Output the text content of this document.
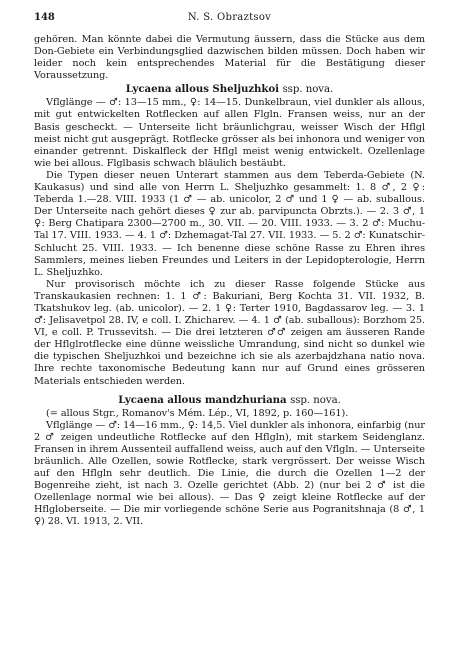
148	N. S. Obraztsov

gehören. Man könnte dabei die Vermutung äussern, dass die Stücke aus dem Don-Gebiete ein Verbindungsglied dazwischen bilden müssen. Doch haben wir leider noch kein entsprechendes Material für die Bestätigung dieser Voraussetzung.

Lycaena allous Sheljuzhkoi ssp. nova.

Vflglänge — ♂: 13—15 mm., ♀: 14—15. Dunkelbraun, viel dunkler als allous, mit gut entwickelten Rotflecken auf allen Flgln. Fransen weiss, nur an der Basis gescheckt. — Unterseite licht bräunlichgrau, weisser Wisch der Hflgl meist nicht gut ausgeprägt. Rotflecke grösser als bei inhonora und weniger von einander getrennt. Diskalfleck der Hflgl meist wenig entwickelt. Ozellenlage wie bei allous. Flglbasis schwach bläulich bestäubt.

Die Typen dieser neuen Unterart stammen aus dem Teberda-Gebiete (N. Kaukasus) und sind alle von Herrn L. Sheljuzhko gesammelt: 1. 8 ♂, 2 ♀: Teberda 1.—28. VIII. 1933 (1 ♂ — ab. unicolor, 2 ♂ und 1 ♀ — ab. suballous. Der Unterseite nach gehört dieses ♀ zur ab. parvipuncta Obrzts.). — 2. 3 ♂, 1 ♀: Berg Chatipara 2300—2700 m., 30. VII. — 20. VIII. 1933. — 3. 2 ♂: Muchu-Tal 17. VIII. 1933. — 4. 1 ♂: Dzhemagat-Tal 27. VII. 1933. — 5. 2 ♂: Kunatschir-Schlucht 25. VIII. 1933. — Ich benenne diese schöne Rasse zu Ehren ihres Sammlers, meines lieben Freundes und Leiters in der Lepidopterologie, Herrn L. Sheljuzhko.

Nur provisorisch möchte ich zu dieser Rasse folgende Stücke aus Transkaukasien rechnen: 1. 1 ♂: Bakuriani, Berg Kochta 31. VII. 1932, B. Tkatshukov leg. (ab. unicolor). — 2. 1 ♀: Terter 1910, Bagdassarov leg. — 3. 1 ♂: Jelisavetpol 28. IV, e coll. I. Zhicharev. — 4. 1 ♂ (ab. suballous): Borzhom 25. VI, e coll. P. Trussevitsh. — Die drei letzteren ♂♂ zeigen am äusseren Rande der Hflglrotflecke eine dünne weissliche Umrandung, sind nicht so dunkel wie die typischen Sheljuzhkoi und bezeichne ich sie als azerbajdzhana natio nova. Ihre rechte taxonomische Bedeutung kann nur auf Grund eines grösseren Materials entschieden werden.

Lycaena allous mandzhuriana ssp. nova.

(= allous Stgr., Romanov's Mém. Lép., VI, 1892, p. 160—161).

Vflglänge — ♂: 14—16 mm., ♀: 14,5. Viel dunkler als inhonora, einfarbig (nur 2 ♂ zeigen undeutliche Rotflecke auf den Hflgln), mit starkem Seidenglanz. Fransen in ihrem Aussenteil auffallend weiss, auch auf den Vflgln. — Unterseite bräunlich. Alle Ozellen, sowie Rotflecke, stark vergrössert. Der weisse Wisch auf den Hflgln sehr deutlich. Die Linie, die durch die Ozellen 1—2 der Bogenreihe zieht, ist nach 3. Ozelle gerichtet (Abb. 2) (nur bei 2 ♂ ist die Ozellenlage normal wie bei allous). — Das ♀ zeigt kleine Rotflecke auf der Hflgloberseite. — Die mir vorliegende schöne Serie aus Pogranitshnaja (8 ♂, 1 ♀) 28. VI. 1913, 2. VII.
